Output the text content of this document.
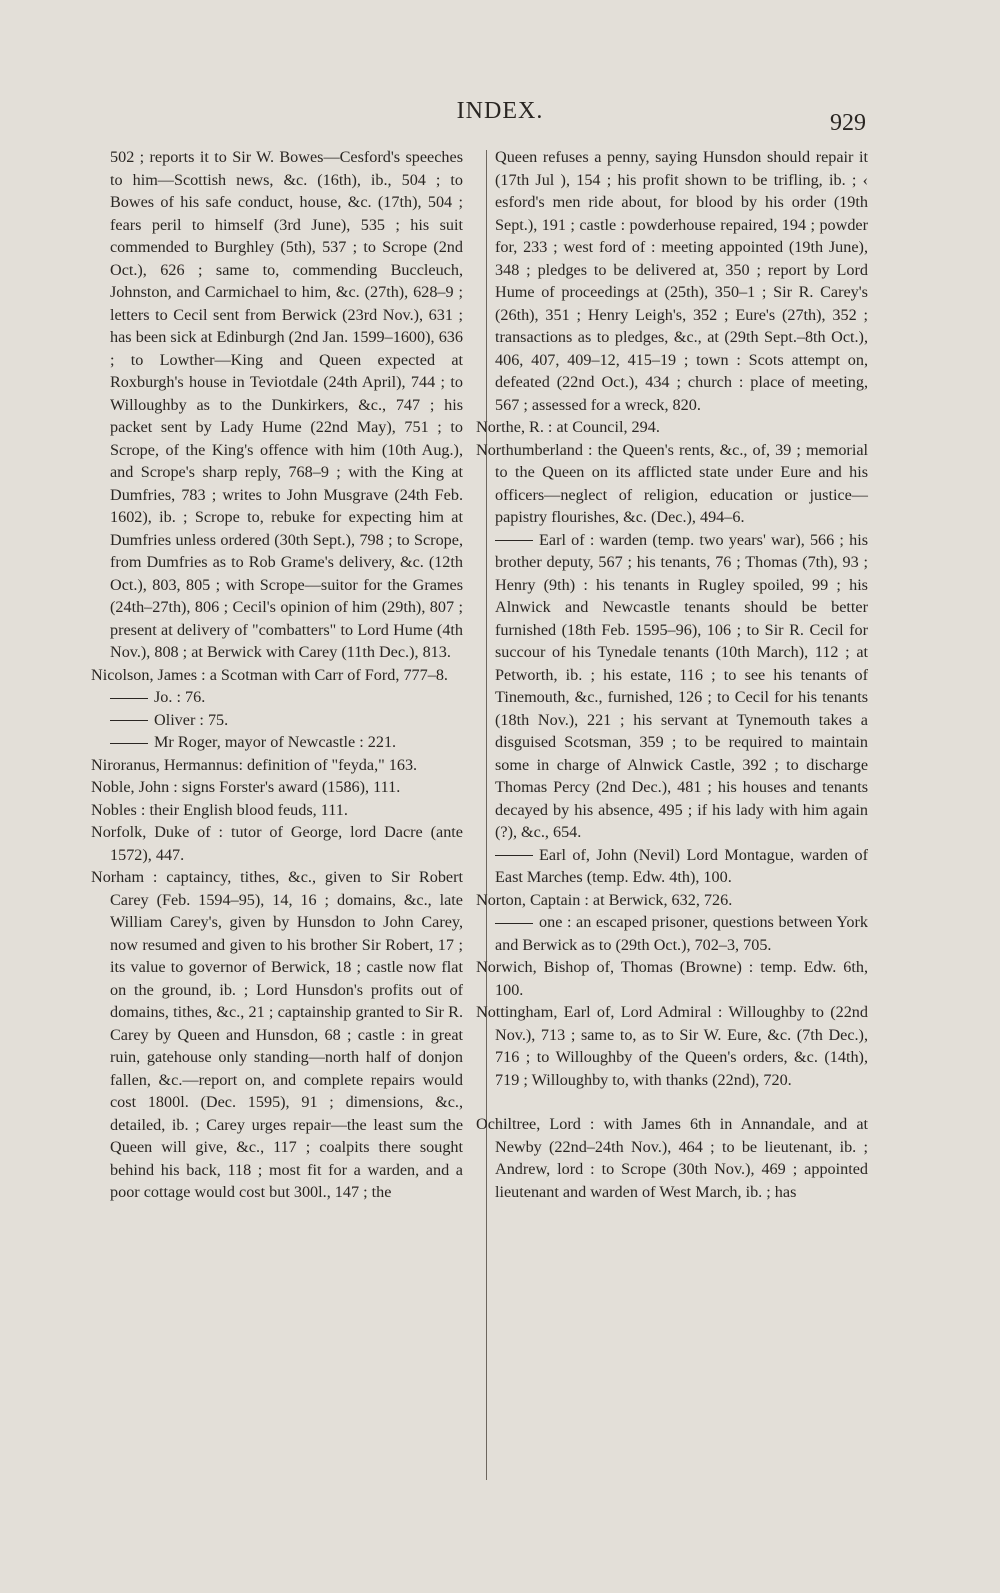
INDEX.	929

502 ; reports it to Sir W. Bowes—Cesford's speeches to him—Scottish news, &c. (16th), ib., 504 ; to Bowes of his safe conduct, house, &c. (17th), 504 ; fears peril to himself (3rd June), 535 ; his suit commended to Burghley (5th), 537 ; to Scrope (2nd Oct.), 626 ; same to, commending Buccleuch, Johnston, and Carmichael to him, &c. (27th), 628–9 ; letters to Cecil sent from Berwick (23rd Nov.), 631 ; has been sick at Edinburgh (2nd Jan. 1599–1600), 636 ; to Lowther—King and Queen expected at Roxburgh's house in Teviotdale (24th April), 744 ; to Willoughby as to the Dunkirkers, &c., 747 ; his packet sent by Lady Hume (22nd May), 751 ; to Scrope, of the King's offence with him (10th Aug.), and Scrope's sharp reply, 768–9 ; with the King at Dumfries, 783 ; writes to John Musgrave (24th Feb. 1602), ib. ; Scrope to, rebuke for expecting him at Dumfries unless ordered (30th Sept.), 798 ; to Scrope, from Dumfries as to Rob Grame's delivery, &c. (12th Oct.), 803, 805 ; with Scrope—suitor for the Grames (24th–27th), 806 ; Cecil's opinion of him (29th), 807 ; present at delivery of "combatters" to Lord Hume (4th Nov.), 808 ; at Berwick with Carey (11th Dec.), 813.

Nicolson, James : a Scotman with Carr of Ford, 777–8.

Jo. : 76.

Oliver : 75.

Mr Roger, mayor of Newcastle : 221.

Niroranus, Hermannus: definition of "feyda," 163.

Noble, John : signs Forster's award (1586), 111.

Nobles : their English blood feuds, 111.

Norfolk, Duke of : tutor of George, lord Dacre (ante 1572), 447.

Norham : captaincy, tithes, &c., given to Sir Robert Carey (Feb. 1594–95), 14, 16 ; domains, &c., late William Carey's, given by Hunsdon to John Carey, now resumed and given to his brother Sir Robert, 17 ; its value to governor of Berwick, 18 ; castle now flat on the ground, ib. ; Lord Hunsdon's profits out of domains, tithes, &c., 21 ; captainship granted to Sir R. Carey by Queen and Hunsdon, 68 ; castle : in great ruin, gatehouse only standing—north half of donjon fallen, &c.—report on, and complete repairs would cost 1800l. (Dec. 1595), 91 ; dimensions, &c., detailed, ib. ; Carey urges repair—the least sum the Queen will give, &c., 117 ; coalpits there sought behind his back, 118 ; most fit for a warden, and a poor cottage would cost but 300l., 147 ; the

Queen refuses a penny, saying Hunsdon should repair it (17th Jul ), 154 ; his profit shown to be trifling, ib. ; ‹ esford's men ride about, for blood by his order (19th Sept.), 191 ; castle : powderhouse repaired, 194 ; powder for, 233 ; west ford of : meeting appointed (19th June), 348 ; pledges to be delivered at, 350 ; report by Lord Hume of proceedings at (25th), 350–1 ; Sir R. Carey's (26th), 351 ; Henry Leigh's, 352 ; Eure's (27th), 352 ; transactions as to pledges, &c., at (29th Sept.–8th Oct.), 406, 407, 409–12, 415–19 ; town : Scots attempt on, defeated (22nd Oct.), 434 ; church : place of meeting, 567 ; assessed for a wreck, 820.

Northe, R. : at Council, 294.

Northumberland : the Queen's rents, &c., of, 39 ; memorial to the Queen on its afflicted state under Eure and his officers—neglect of religion, education or justice—papistry flourishes, &c. (Dec.), 494–6.

Earl of : warden (temp. two years' war), 566 ; his brother deputy, 567 ; his tenants, 76 ; Thomas (7th), 93 ; Henry (9th) : his tenants in Rugley spoiled, 99 ; his Alnwick and Newcastle tenants should be better furnished (18th Feb. 1595–96), 106 ; to Sir R. Cecil for succour of his Tynedale tenants (10th March), 112 ; at Petworth, ib. ; his estate, 116 ; to see his tenants of Tinemouth, &c., furnished, 126 ; to Cecil for his tenants (18th Nov.), 221 ; his servant at Tynemouth takes a disguised Scotsman, 359 ; to be required to maintain some in charge of Alnwick Castle, 392 ; to discharge Thomas Percy (2nd Dec.), 481 ; his houses and tenants decayed by his absence, 495 ; if his lady with him again (?), &c., 654.

Earl of, John (Nevil) Lord Montague, warden of East Marches (temp. Edw. 4th), 100.

Norton, Captain : at Berwick, 632, 726.

one : an escaped prisoner, questions between York and Berwick as to (29th Oct.), 702–3, 705.

Norwich, Bishop of, Thomas (Browne) : temp. Edw. 6th, 100.

Nottingham, Earl of, Lord Admiral : Willoughby to (22nd Nov.), 713 ; same to, as to Sir W. Eure, &c. (7th Dec.), 716 ; to Willoughby of the Queen's orders, &c. (14th), 719 ; Willoughby to, with thanks (22nd), 720.

Ochiltree, Lord : with James 6th in Annandale, and at Newby (22nd–24th Nov.), 464 ; to be lieutenant, ib. ; Andrew, lord : to Scrope (30th Nov.), 469 ; appointed lieutenant and warden of West March, ib. ; has
